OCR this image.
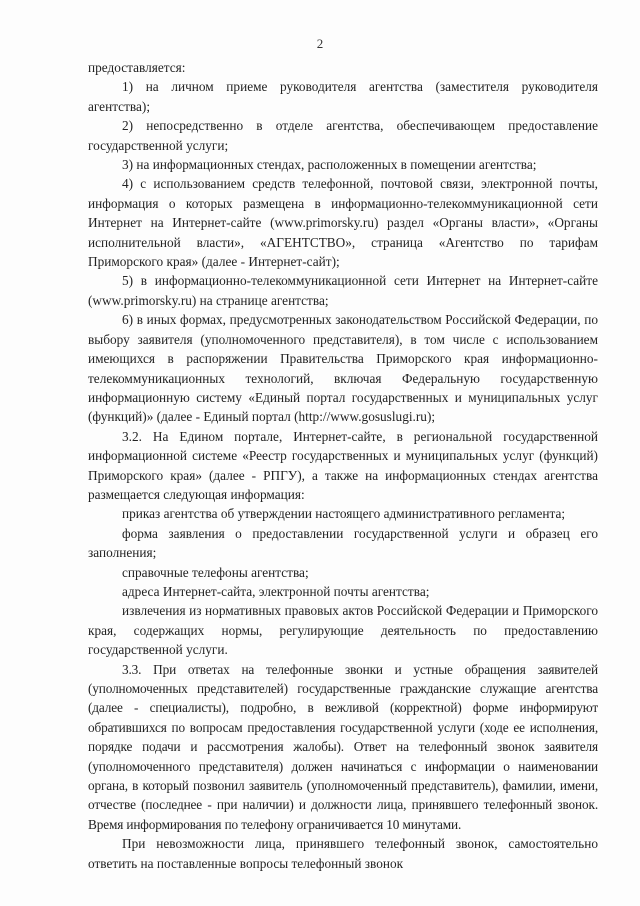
2

предоставляется:

1) на личном приеме руководителя агентства (заместителя руководителя агентства);

2) непосредственно в отделе агентства, обеспечивающем предоставление государственной услуги;

3) на информационных стендах, расположенных в помещении агентства;

4) с использованием средств телефонной, почтовой связи, электронной почты, информация о которых размещена в информационно-телекоммуникационной сети Интернет на Интернет-сайте (www.primorsky.ru) раздел «Органы власти», «Органы исполнительной власти», «АГЕНТСТВО», страница «Агентство по тарифам Приморского края» (далее - Интернет-сайт);

5) в информационно-телекоммуникационной сети Интернет на Интернет-сайте (www.primorsky.ru) на странице агентства;

6) в иных формах, предусмотренных законодательством Российской Федерации, по выбору заявителя (уполномоченного представителя), в том числе с использованием имеющихся в распоряжении Правительства Приморского края информационно-телекоммуникационных технологий, включая Федеральную государственную информационную систему «Единый портал государственных и муниципальных услуг (функций)» (далее - Единый портал (http://www.gosuslugi.ru);

3.2. На Едином портале, Интернет-сайте, в региональной государственной информационной системе «Реестр государственных и муниципальных услуг (функций) Приморского края» (далее - РПГУ), а также на информационных стендах агентства размещается следующая информация:

приказ агентства об утверждении настоящего административного регламента;

форма заявления о предоставлении государственной услуги и образец его заполнения;

справочные телефоны агентства;

адреса Интернет-сайта, электронной почты агентства;

извлечения из нормативных правовых актов Российской Федерации и Приморского края, содержащих нормы, регулирующие деятельность по предоставлению государственной услуги.

3.3. При ответах на телефонные звонки и устные обращения заявителей (уполномоченных представителей) государственные гражданские служащие агентства (далее - специалисты), подробно, в вежливой (корректной) форме информируют обратившихся по вопросам предоставления государственной услуги (ходе ее исполнения, порядке подачи и рассмотрения жалобы). Ответ на телефонный звонок заявителя (уполномоченного представителя) должен начинаться с информации о наименовании органа, в который позвонил заявитель (уполномоченный представитель), фамилии, имени, отчестве (последнее - при наличии) и должности лица, принявшего телефонный звонок. Время информирования по телефону ограничивается 10 минутами.

При невозможности лица, принявшего телефонный звонок, самостоятельно ответить на поставленные вопросы телефонный звонок
